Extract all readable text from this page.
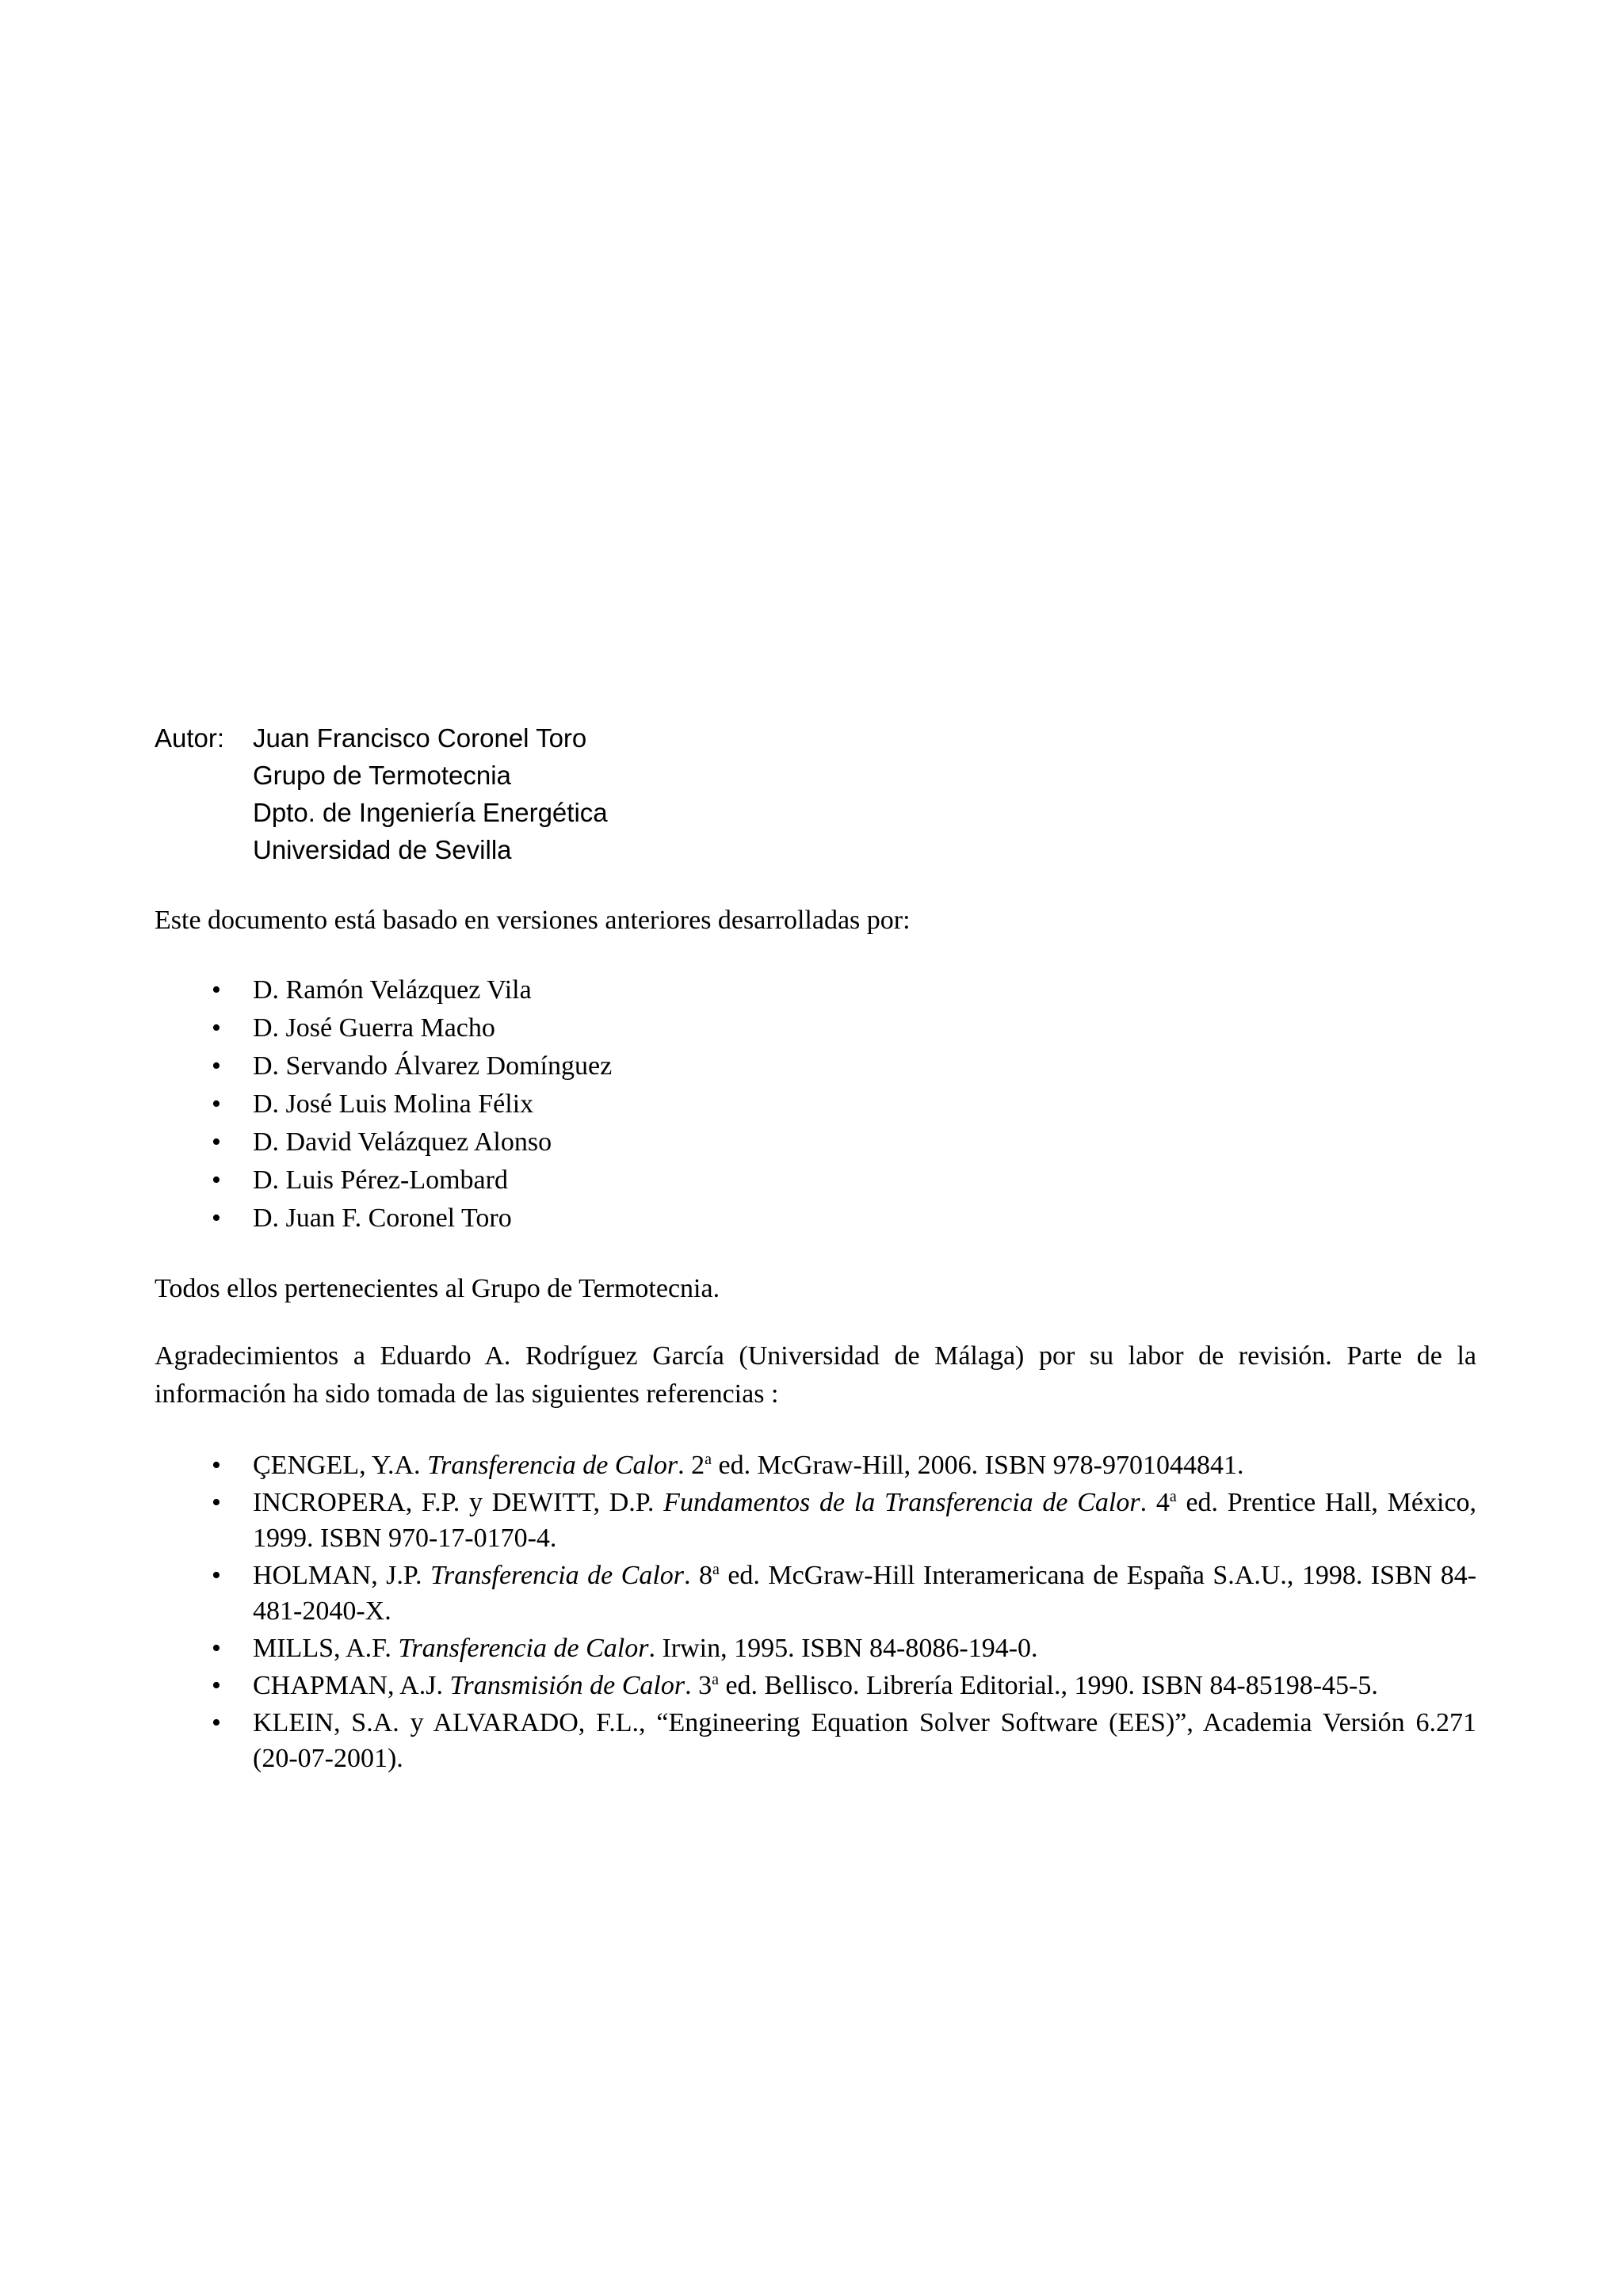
Autor: Juan Francisco Coronel Toro
Grupo de Termotecnia
Dpto. de Ingeniería Energética
Universidad de Sevilla

Este documento está basado en versiones anteriores desarrolladas por:

• D. Ramón Velázquez Vila
• D. José Guerra Macho
• D. Servando Álvarez Domínguez
• D. José Luis Molina Félix
• D. David Velázquez Alonso
• D. Luis Pérez-Lombard
• D. Juan F. Coronel Toro

Todos ellos pertenecientes al Grupo de Termotecnia.

Agradecimientos a Eduardo A. Rodríguez García (Universidad de Málaga) por su labor de revisión. Parte de la información ha sido tomada de las siguientes referencias :

• ÇENGEL, Y.A. Transferencia de Calor. 2$^a$ ed. McGraw-Hill, 2006. ISBN 978-9701044841.
• INCROPERA, F.P. y DEWITT, D.P. Fundamentos de la Transferencia de Calor. 4$^a$ ed. Prentice Hall, México, 1999. ISBN 970-17-0170-4.
• HOLMAN, J.P. Transferencia de Calor. 8$^a$ ed. McGraw-Hill Interamericana de España S.A.U., 1998. ISBN 84-481-2040-X.
• MILLS, A.F. Transferencia de Calor. Irwin, 1995. ISBN 84-8086-194-0.
• CHAPMAN, A.J. Transmisión de Calor. 3$^a$ ed. Bellisco. Librería Editorial., 1990. ISBN 84-85198-45-5.
• KLEIN, S.A. y ALVARADO, F.L., “Engineering Equation Solver Software (EES)”, Academia Versión 6.271 (20-07-2001).
